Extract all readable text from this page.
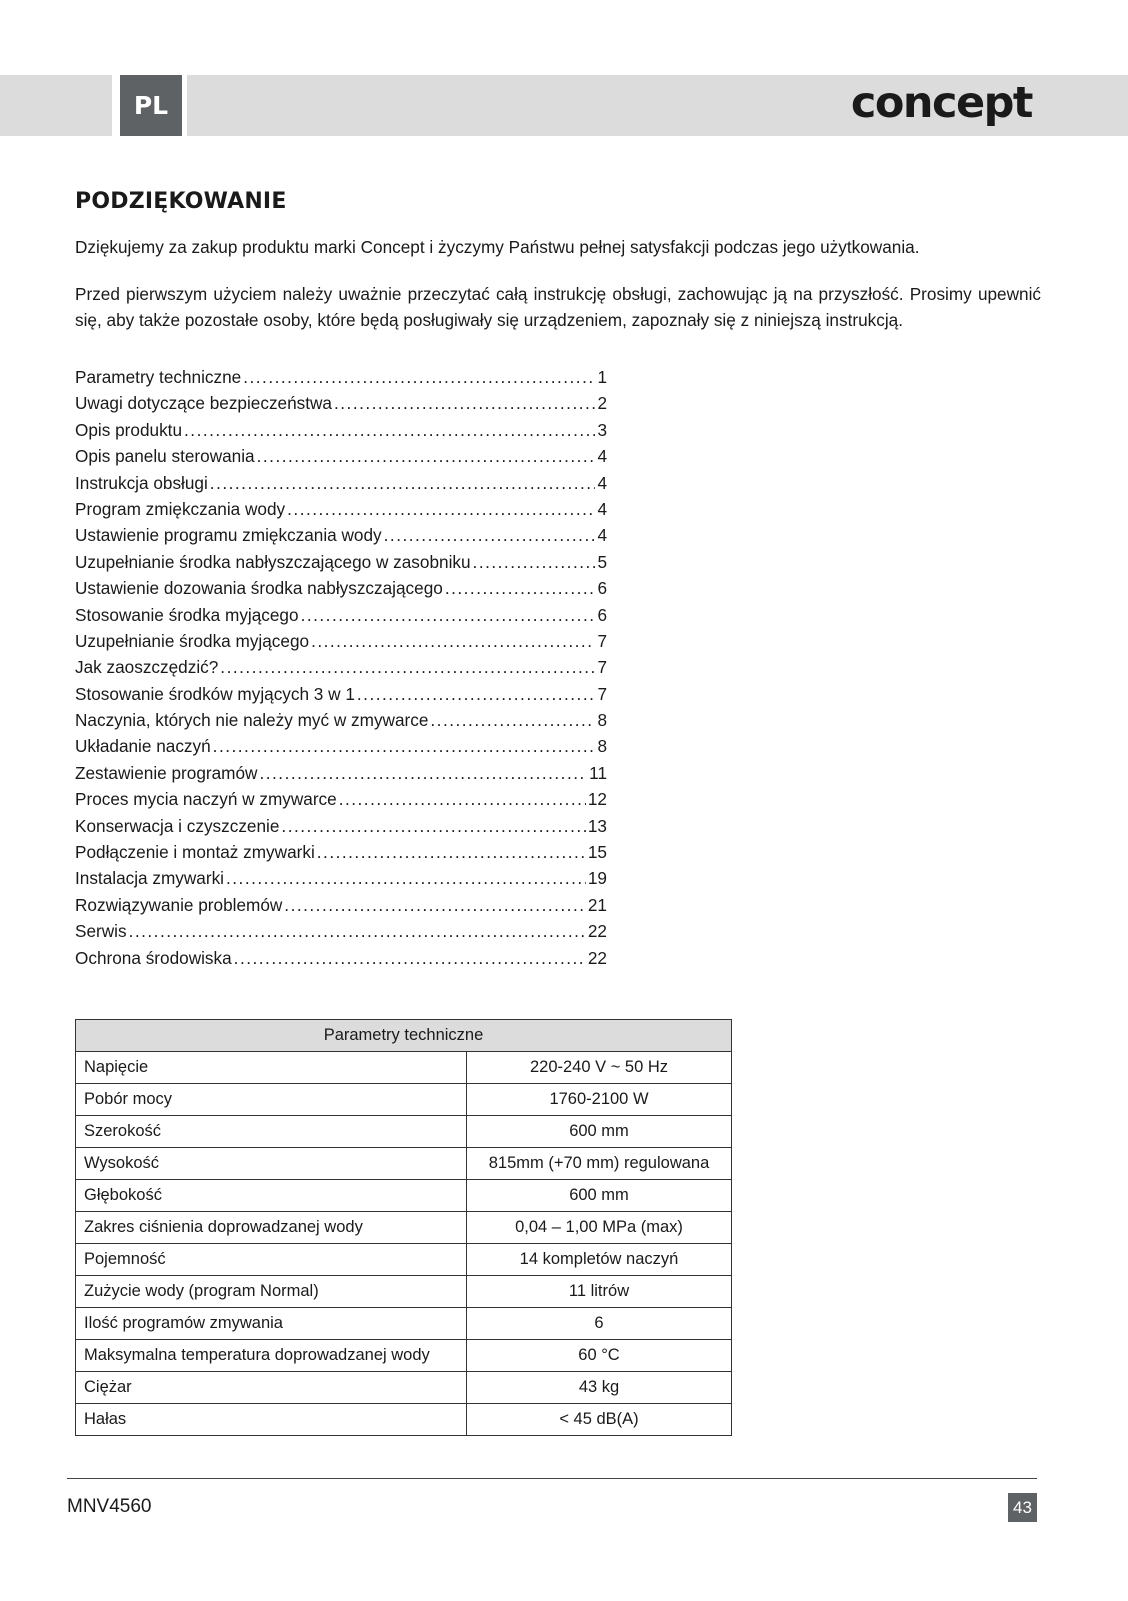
PL	concept
PODZIĘKOWANIE
Dziękujemy za zakup produktu marki Concept i życzymy Państwu pełnej satysfakcji podczas jego użytkowania.
Przed pierwszym użyciem należy uważnie przeczytać całą instrukcję obsługi, zachowując ją na przyszłość. Prosimy upewnić się, aby także pozostałe osoby, które będą posługiwały się urządzeniem, zapoznały się z niniejszą instrukcją.
Parametry techniczne .....	1
Uwagi dotyczące bezpieczeństwa .....	2
Opis produktu .....	3
Opis panelu sterowania .....	4
Instrukcja obsługi .....	4
Program zmiękczania wody .....	4
Ustawienie programu zmiękczania wody .....	4
Uzupełnianie środka nabłyszczającego w zasobniku .....	5
Ustawienie dozowania środka nabłyszczającego .....	6
Stosowanie środka myjącego .....	6
Uzupełnianie środka myjącego .....	7
Jak zaoszczędzić? .....	7
Stosowanie środków myjących 3 w 1 .....	7
Naczynia, których nie należy myć w zmywarce .....	8
Układanie naczyń .....	8
Zestawienie programów .....	11
Proces mycia naczyń w zmywarce .....	12
Konserwacja i czyszczenie .....	13
Podłączenie i montaż zmywarki .....	15
Instalacja zmywarki .....	19
Rozwiązywanie problemów .....	21
Serwis .....	22
Ochrona środowiska .....	22
Parametry techniczne	
Napięcie	220-240 V ~ 50 Hz
Pobór mocy	1760-2100 W
Szerokość	600 mm
Wysokość	815mm (+70 mm) regulowana
Głębokość	600 mm
Zakres ciśnienia doprowadzanej wody	0,04 – 1,00 MPa (max)
Pojemność	14 kompletów naczyń
Zużycie wody (program Normal)	11 litrów
Ilość programów zmywania	6
Maksymalna temperatura doprowadzanej wody	60 °C
Ciężar	43 kg
Hałas	< 45 dB(A)
MNV4560	43
